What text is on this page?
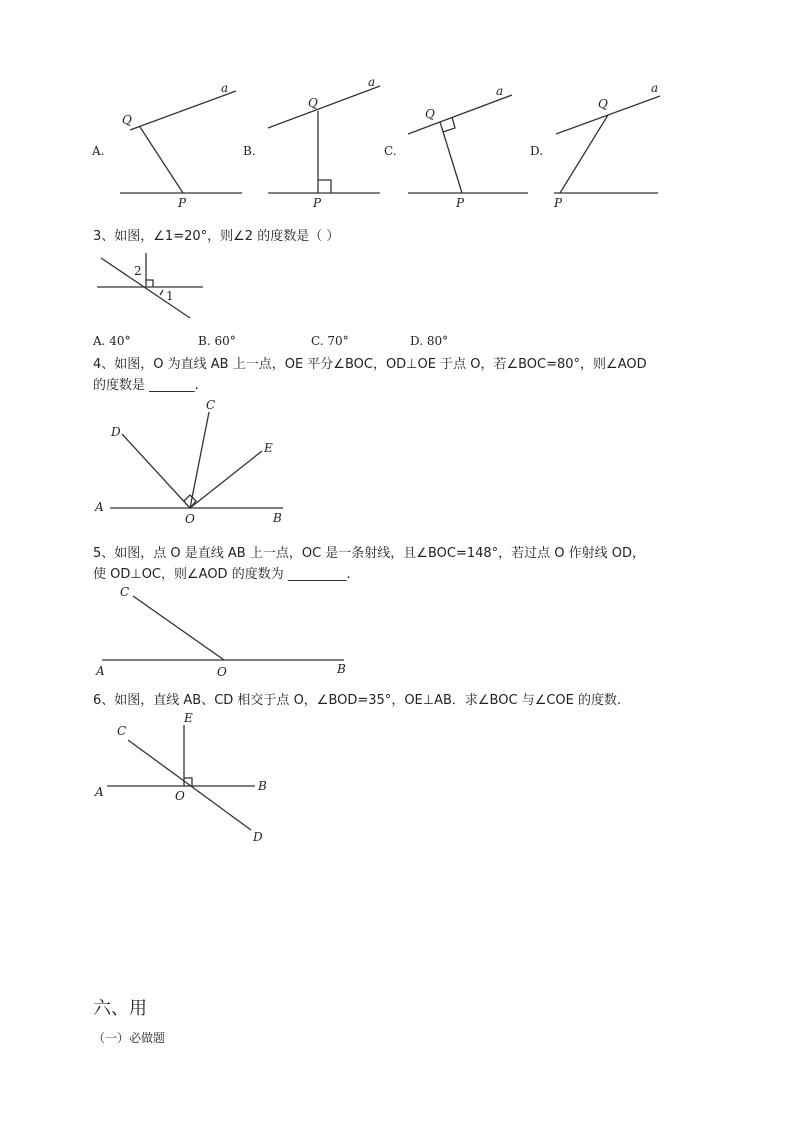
A.	B.	C.	D.
Q
a
P
Q
a
P
Q
a
P
Q
a
P
3、如图，∠1=20°，则∠2 的度数是（ ）
2
1
A. 40°	B. 60°	C. 70°	D. 80°
4、如图，O 为直线 AB 上一点，OE 平分∠BOC，OD⊥OE 于点 O，若∠BOC=80°，则∠AOD
的度数是 _______.
A
B
C
D
E
O
5、如图，点 O 是直线 AB 上一点，OC 是一条射线，且∠BOC=148°，若过点 O 作射线 OD，
使 OD⊥OC，则∠AOD 的度数为 _________.
A	B
C
O
6、如图，直线 AB、CD 相交于点 O，∠BOD=35°，OE⊥AB．求∠BOC 与∠COE 的度数.
A	B
C
D
E
O
六、用
（一）必做题
